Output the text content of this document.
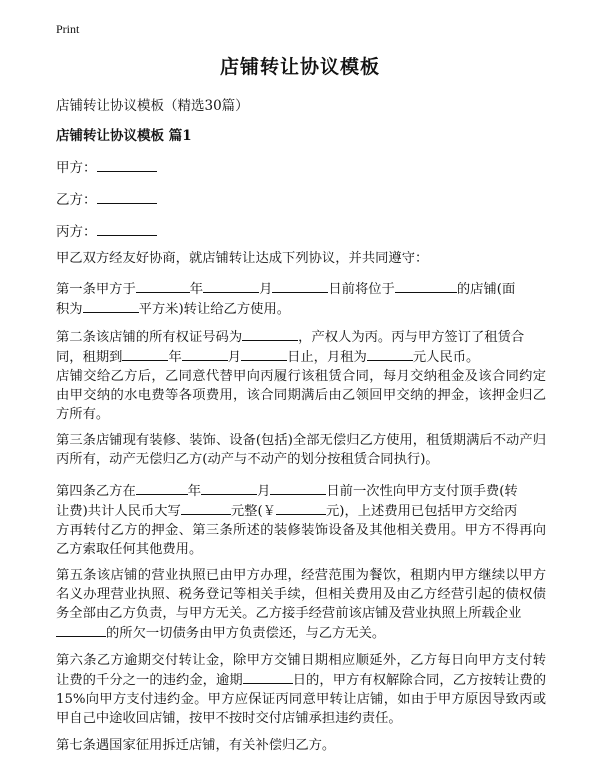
Print
店铺转让协议模板
店铺转让协议模板（精选30篇）
店铺转让协议模板 篇1
甲方：
乙方：
丙方：
甲乙双方经友好协商，就店铺转让达成下列协议，并共同遵守：
第一条甲方于	年	月	日前将位于	的店铺(面
积为	平方米)转让给乙方使用。
第二条该店铺的所有权证号码为	，产权人为丙。丙与甲方签订了租赁合
同，租期到	年	月	日止，月租为	元人民币。
店铺交给乙方后，乙同意代替甲向丙履行该租赁合同，每月交纳租金及该合同约定由甲交纳的水电费等各项费用，该合同期满后由乙领回甲交纳的押金，该押金归乙方所有。
第三条店铺现有装修、装饰、设备(包括)全部无偿归乙方使用，租赁期满后不动产归丙所有，动产无偿归乙方(动产与不动产的划分按租赁合同执行)。
第四条乙方在	年	月	日前一次性向甲方支付顶手费(转
让费)共计人民币大写	元整(￥	元)，上述费用已包括甲方交给丙
方再转付乙方的押金、第三条所述的装修装饰设备及其他相关费用。甲方不得再向乙方索取任何其他费用。
第五条该店铺的营业执照已由甲方办理，经营范围为餐饮，租期内甲方继续以甲方名义办理营业执照、税务登记等相关手续，但相关费用及由乙方经营引起的债权债务全部由乙方负责，与甲方无关。乙方接手经营前该店铺及营业执照上所载企业
的所欠一切债务由甲方负责偿还，与乙方无关。
第六条乙方逾期交付转让金，除甲方交铺日期相应顺延外，乙方每日向甲方支付转让费的千分之一的违约金，逾期	日的，甲方有权解除合同，乙方按转让费的15%向甲方支付违约金。甲方应保证丙同意甲转让店铺，如由于甲方原因导致丙或甲自己中途收回店铺，按甲不按时交付店铺承担违约责任。
第七条遇国家征用拆迁店铺，有关补偿归乙方。
